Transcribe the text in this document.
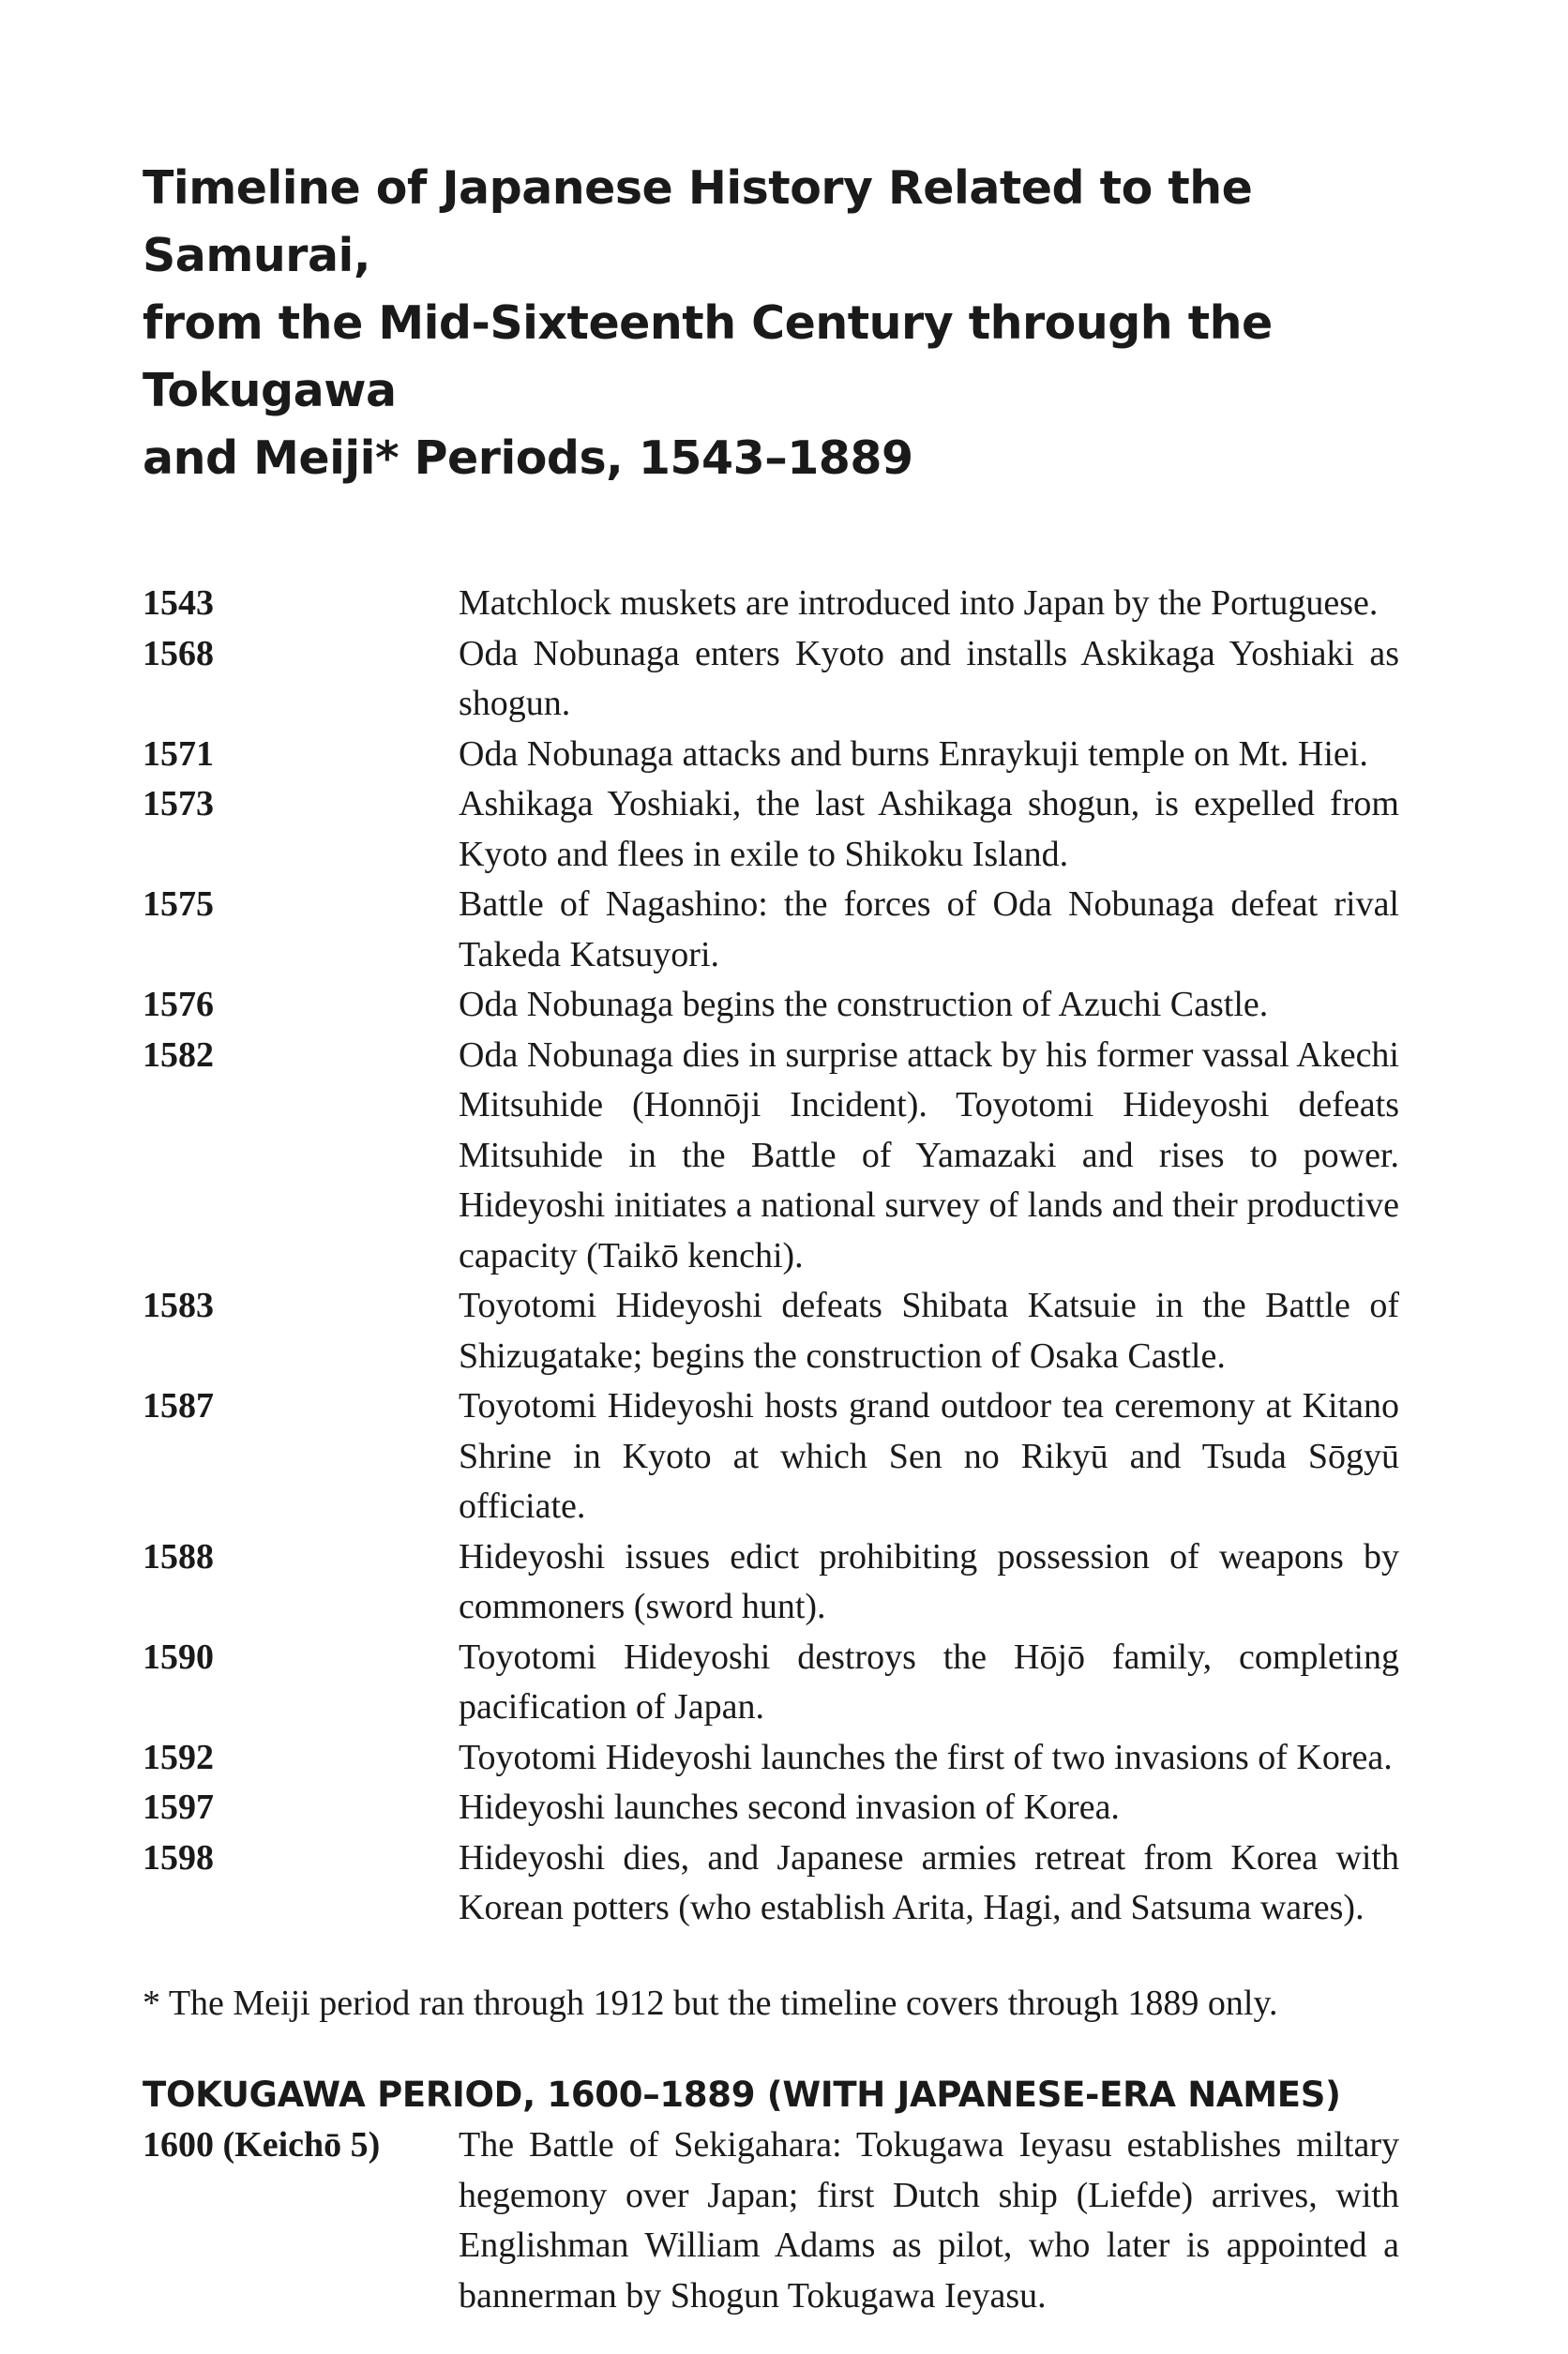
Timeline of Japanese History Related to the Samurai,
from the Mid-Sixteenth Century through the Tokugawa
and Meiji* Periods, 1543–1889
1543	Matchlock muskets are introduced into Japan by the Portuguese.
1568	Oda Nobunaga enters Kyoto and installs Askikaga Yoshiaki as shogun.
1571	Oda Nobunaga attacks and burns Enraykuji temple on Mt. Hiei.
1573	Ashikaga Yoshiaki, the last Ashikaga shogun, is expelled from Kyoto and flees in exile to Shikoku Island.
1575	Battle of Nagashino: the forces of Oda Nobunaga defeat rival Takeda Katsuyori.
1576	Oda Nobunaga begins the construction of Azuchi Castle.
1582	Oda Nobunaga dies in surprise attack by his former vassal Akechi Mitsuhide (Honnōji Incident). Toyotomi Hideyoshi defeats Mitsuhide in the Battle of Yamazaki and rises to power. Hideyoshi initiates a national survey of lands and their productive capacity (Taikō kenchi).
1583	Toyotomi Hideyoshi defeats Shibata Katsuie in the Battle of Shizugatake; begins the construction of Osaka Castle.
1587	Toyotomi Hideyoshi hosts grand outdoor tea ceremony at Kitano Shrine in Kyoto at which Sen no Rikyū and Tsuda Sōgyū officiate.
1588	Hideyoshi issues edict prohibiting possession of weapons by commoners (sword hunt).
1590	Toyotomi Hideyoshi destroys the Hōjō family, completing pacification of Japan.
1592	Toyotomi Hideyoshi launches the first of two invasions of Korea.
1597	Hideyoshi launches second invasion of Korea.
1598	Hideyoshi dies, and Japanese armies retreat from Korea with Korean potters (who establish Arita, Hagi, and Satsuma wares).
* The Meiji period ran through 1912 but the timeline covers through 1889 only.
TOKUGAWA PERIOD, 1600–1889 (WITH JAPANESE-ERA NAMES)
1600 (Keichō 5)	The Battle of Sekigahara: Tokugawa Ieyasu establishes miltary hegemony over Japan; first Dutch ship (Liefde) arrives, with Englishman William Adams as pilot, who later is appointed a bannerman by Shogun Tokugawa Ieyasu.
